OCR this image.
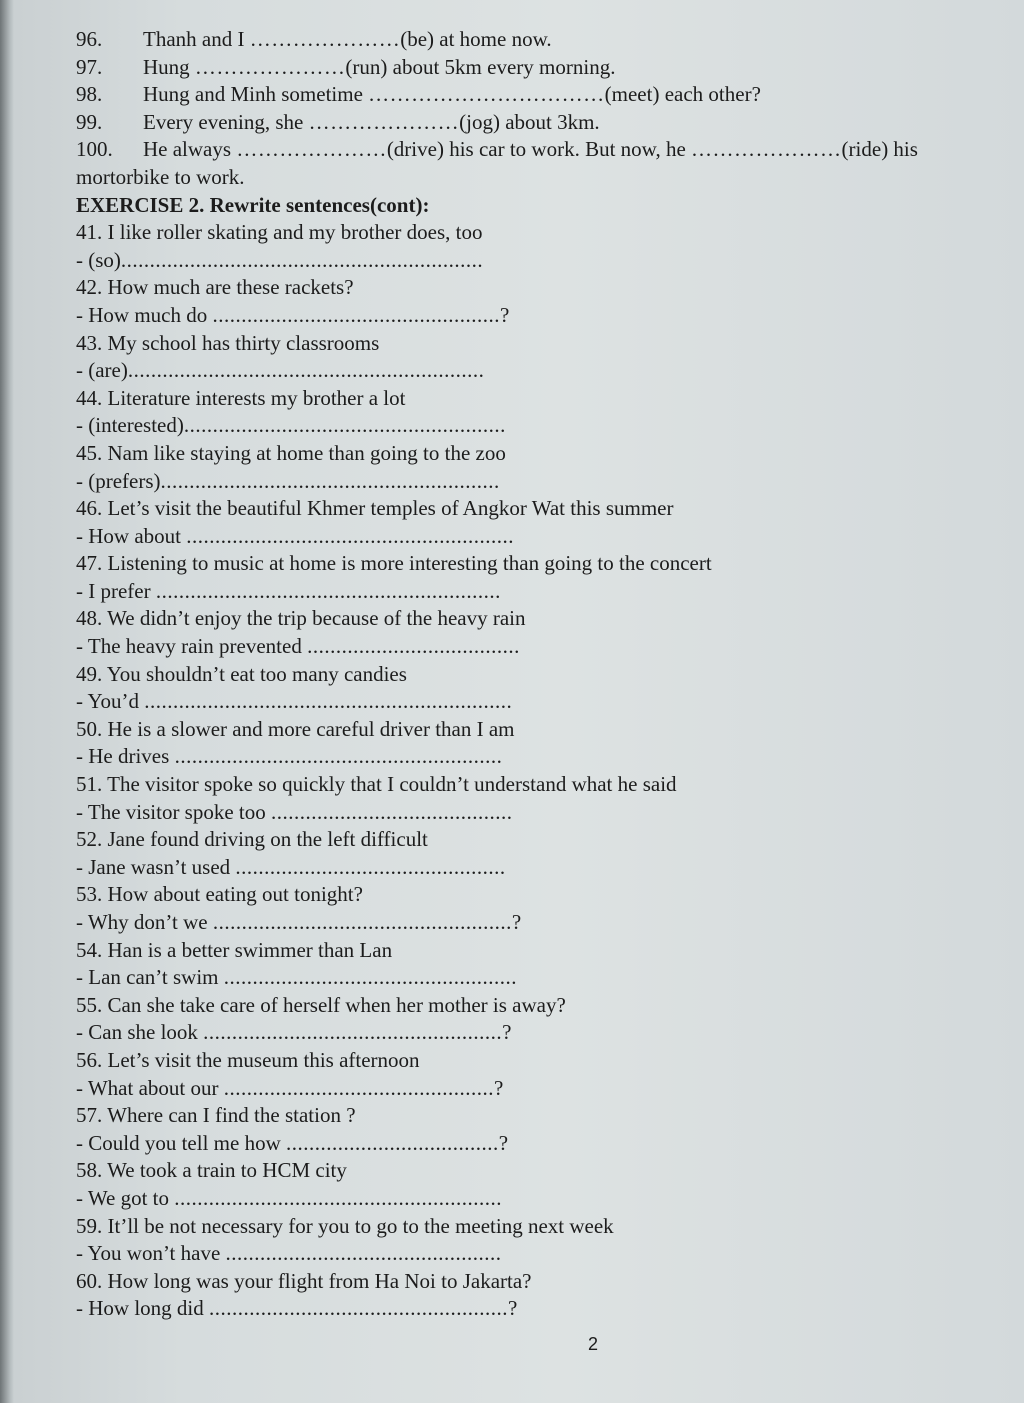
96. Thanh and I …………………(be) at home now.
97. Hung …………………(run) about 5km every morning.
98. Hung and Minh sometime ……………………………(meet) each other?
99. Every evening, she …………………(jog) about 3km.
100. He always …………………(drive) his car to work. But now, he …………………(ride) his
mortorbike to work.
EXERCISE 2. Rewrite sentences(cont):
41. I like roller skating and my brother does, too
- (so)...............................................................
42. How much are these rackets?
- How much do ..................................................?
43. My school has thirty classrooms
- (are)..............................................................
44. Literature interests my brother a lot
- (interested)........................................................
45. Nam like staying at home than going to the zoo
- (prefers)...........................................................
46. Let’s visit the beautiful Khmer temples of Angkor Wat this summer
- How about .........................................................
47. Listening to music at home is more interesting than going to the concert
- I prefer ............................................................
48. We didn’t enjoy the trip because of the heavy rain
- The heavy rain prevented .....................................
49. You shouldn’t eat too many candies
- You’d ................................................................
50. He is a slower and more careful driver than I am
- He drives .........................................................
51. The visitor spoke so quickly that I couldn’t understand what he said
- The visitor spoke too ..........................................
52. Jane found driving on the left difficult
- Jane wasn’t used ...............................................
53. How about eating out tonight?
- Why don’t we ....................................................?
54. Han is a better swimmer than Lan
- Lan can’t swim ...................................................
55. Can she take care of herself when her mother is away?
- Can she look ....................................................?
56. Let’s visit the museum this afternoon
- What about our ...............................................?
57. Where can I find the station ?
- Could you tell me how .....................................?
58. We took a train to HCM city
- We got to .........................................................
59. It’ll be not necessary for you to go to the meeting next week
- You won’t have ................................................
60. How long was your flight from Ha Noi to Jakarta?
- How long did ....................................................?
2
